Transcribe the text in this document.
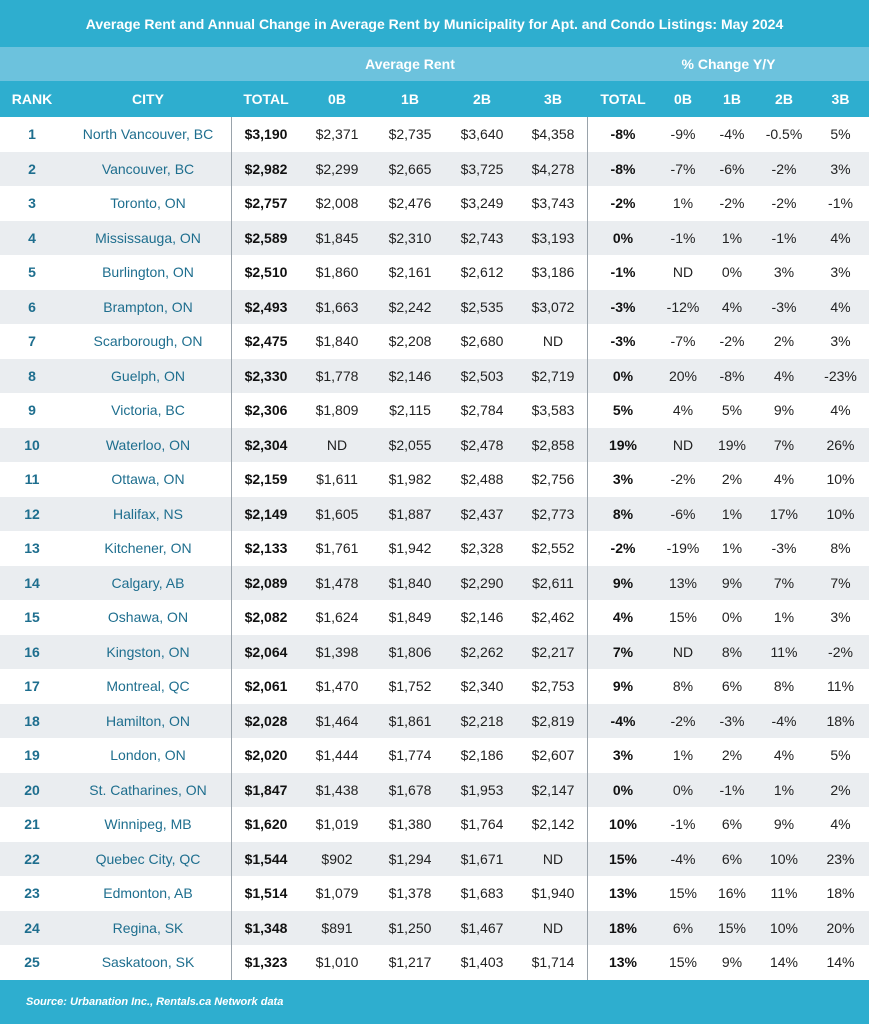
Average Rent and Annual Change in Average Rent by Municipality for Apt. and Condo Listings: May 2024
Average Rent	% Change Y/Y
RANK	CITY	TOTAL	0B	1B	2B	3B	TOTAL	0B	1B	2B	3B
1	North Vancouver, BC	$3,190	$2,371	$2,735	$3,640	$4,358	-8%	-9%	-4%	-0.5%	5%
2	Vancouver, BC	$2,982	$2,299	$2,665	$3,725	$4,278	-8%	-7%	-6%	-2%	3%
3	Toronto, ON	$2,757	$2,008	$2,476	$3,249	$3,743	-2%	1%	-2%	-2%	-1%
4	Mississauga, ON	$2,589	$1,845	$2,310	$2,743	$3,193	0%	-1%	1%	-1%	4%
5	Burlington, ON	$2,510	$1,860	$2,161	$2,612	$3,186	-1%	ND	0%	3%	3%
6	Brampton, ON	$2,493	$1,663	$2,242	$2,535	$3,072	-3%	-12%	4%	-3%	4%
7	Scarborough, ON	$2,475	$1,840	$2,208	$2,680	ND	-3%	-7%	-2%	2%	3%
8	Guelph, ON	$2,330	$1,778	$2,146	$2,503	$2,719	0%	20%	-8%	4%	-23%
9	Victoria, BC	$2,306	$1,809	$2,115	$2,784	$3,583	5%	4%	5%	9%	4%
10	Waterloo, ON	$2,304	ND	$2,055	$2,478	$2,858	19%	ND	19%	7%	26%
11	Ottawa, ON	$2,159	$1,611	$1,982	$2,488	$2,756	3%	-2%	2%	4%	10%
12	Halifax, NS	$2,149	$1,605	$1,887	$2,437	$2,773	8%	-6%	1%	17%	10%
13	Kitchener, ON	$2,133	$1,761	$1,942	$2,328	$2,552	-2%	-19%	1%	-3%	8%
14	Calgary, AB	$2,089	$1,478	$1,840	$2,290	$2,611	9%	13%	9%	7%	7%
15	Oshawa, ON	$2,082	$1,624	$1,849	$2,146	$2,462	4%	15%	0%	1%	3%
16	Kingston, ON	$2,064	$1,398	$1,806	$2,262	$2,217	7%	ND	8%	11%	-2%
17	Montreal, QC	$2,061	$1,470	$1,752	$2,340	$2,753	9%	8%	6%	8%	11%
18	Hamilton, ON	$2,028	$1,464	$1,861	$2,218	$2,819	-4%	-2%	-3%	-4%	18%
19	London, ON	$2,020	$1,444	$1,774	$2,186	$2,607	3%	1%	2%	4%	5%
20	St. Catharines, ON	$1,847	$1,438	$1,678	$1,953	$2,147	0%	0%	-1%	1%	2%
21	Winnipeg, MB	$1,620	$1,019	$1,380	$1,764	$2,142	10%	-1%	6%	9%	4%
22	Quebec City, QC	$1,544	$902	$1,294	$1,671	ND	15%	-4%	6%	10%	23%
23	Edmonton, AB	$1,514	$1,079	$1,378	$1,683	$1,940	13%	15%	16%	11%	18%
24	Regina, SK	$1,348	$891	$1,250	$1,467	ND	18%	6%	15%	10%	20%
25	Saskatoon, SK	$1,323	$1,010	$1,217	$1,403	$1,714	13%	15%	9%	14%	14%
Source: Urbanation Inc., Rentals.ca Network data
